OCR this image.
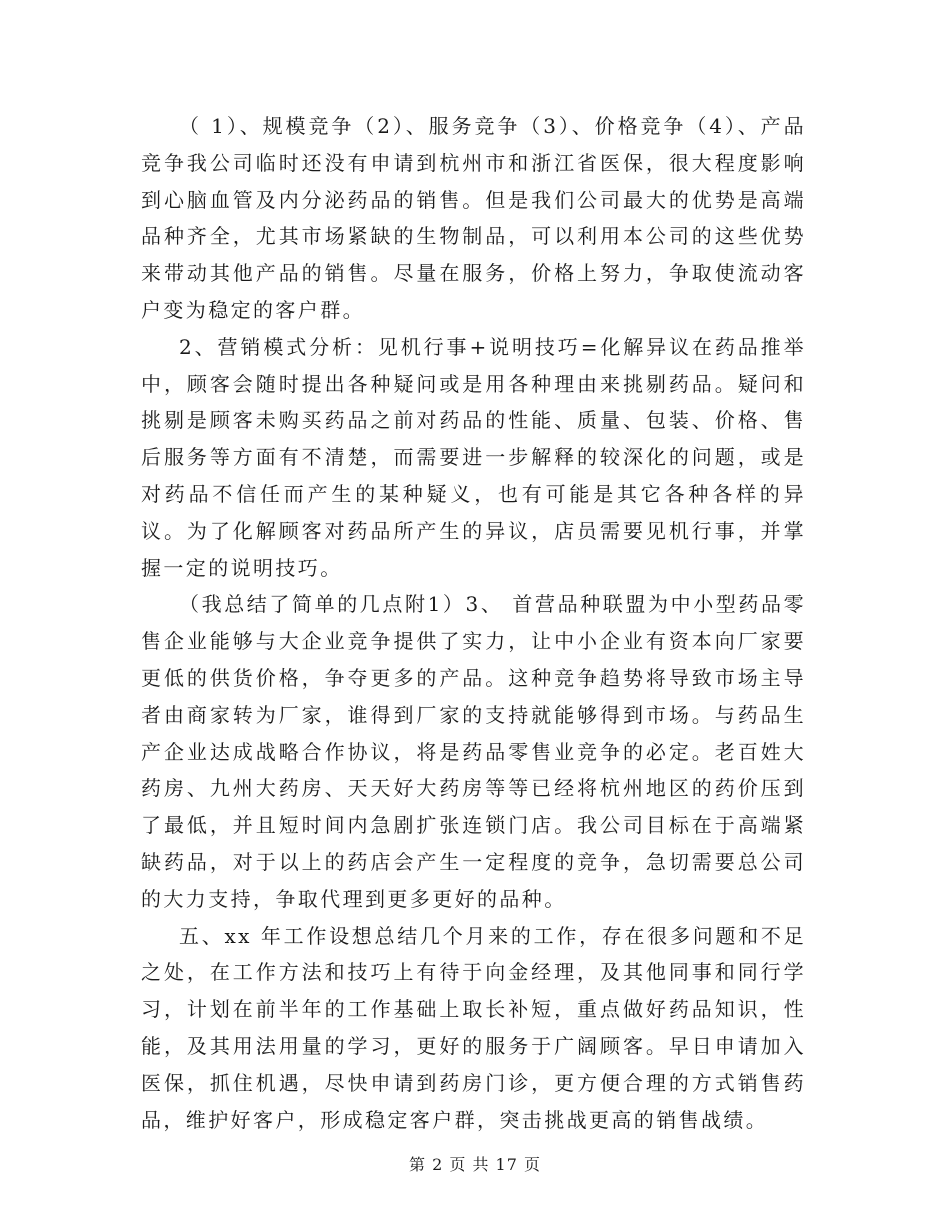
（ 1）、规模竞争（2）、服务竞争（3）、价格竞争（4）、产品竞争我公司临时还没有申请到杭州市和浙江省医保，很大程度影响到心脑血管及内分泌药品的销售。但是我们公司最大的优势是高端品种齐全，尤其市场紧缺的生物制品，可以利用本公司的这些优势来带动其他产品的销售。尽量在服务，价格上努力，争取使流动客户变为稳定的客户群。

2、营销模式分析：见机行事+说明技巧=化解异议在药品推举中，顾客会随时提出各种疑问或是用各种理由来挑剔药品。疑问和挑剔是顾客未购买药品之前对药品的性能、质量、包装、价格、售后服务等方面有不清楚，而需要进一步解释的较深化的问题，或是对药品不信任而产生的某种疑义，也有可能是其它各种各样的异议。为了化解顾客对药品所产生的异议，店员需要见机行事，并掌握一定的说明技巧。

（我总结了简单的几点附1）3、 首营品种联盟为中小型药品零售企业能够与大企业竞争提供了实力，让中小企业有资本向厂家要更低的供货价格，争夺更多的产品。这种竞争趋势将导致市场主导者由商家转为厂家，谁得到厂家的支持就能够得到市场。与药品生产企业达成战略合作协议，将是药品零售业竞争的必定。老百姓大药房、九州大药房、天天好大药房等等已经将杭州地区的药价压到了最低，并且短时间内急剧扩张连锁门店。我公司目标在于高端紧缺药品，对于以上的药店会产生一定程度的竞争，急切需要总公司的大力支持，争取代理到更多更好的品种。

五、xx 年工作设想总结几个月来的工作，存在很多问题和不足之处，在工作方法和技巧上有待于向金经理，及其他同事和同行学习，计划在前半年的工作基础上取长补短，重点做好药品知识，性能，及其用法用量的学习，更好的服务于广阔顾客。早日申请加入医保，抓住机遇，尽快申请到药房门诊，更方便合理的方式销售药品，维护好客户，形成稳定客户群，突击挑战更高的销售战绩。

第 2 页 共 17 页
